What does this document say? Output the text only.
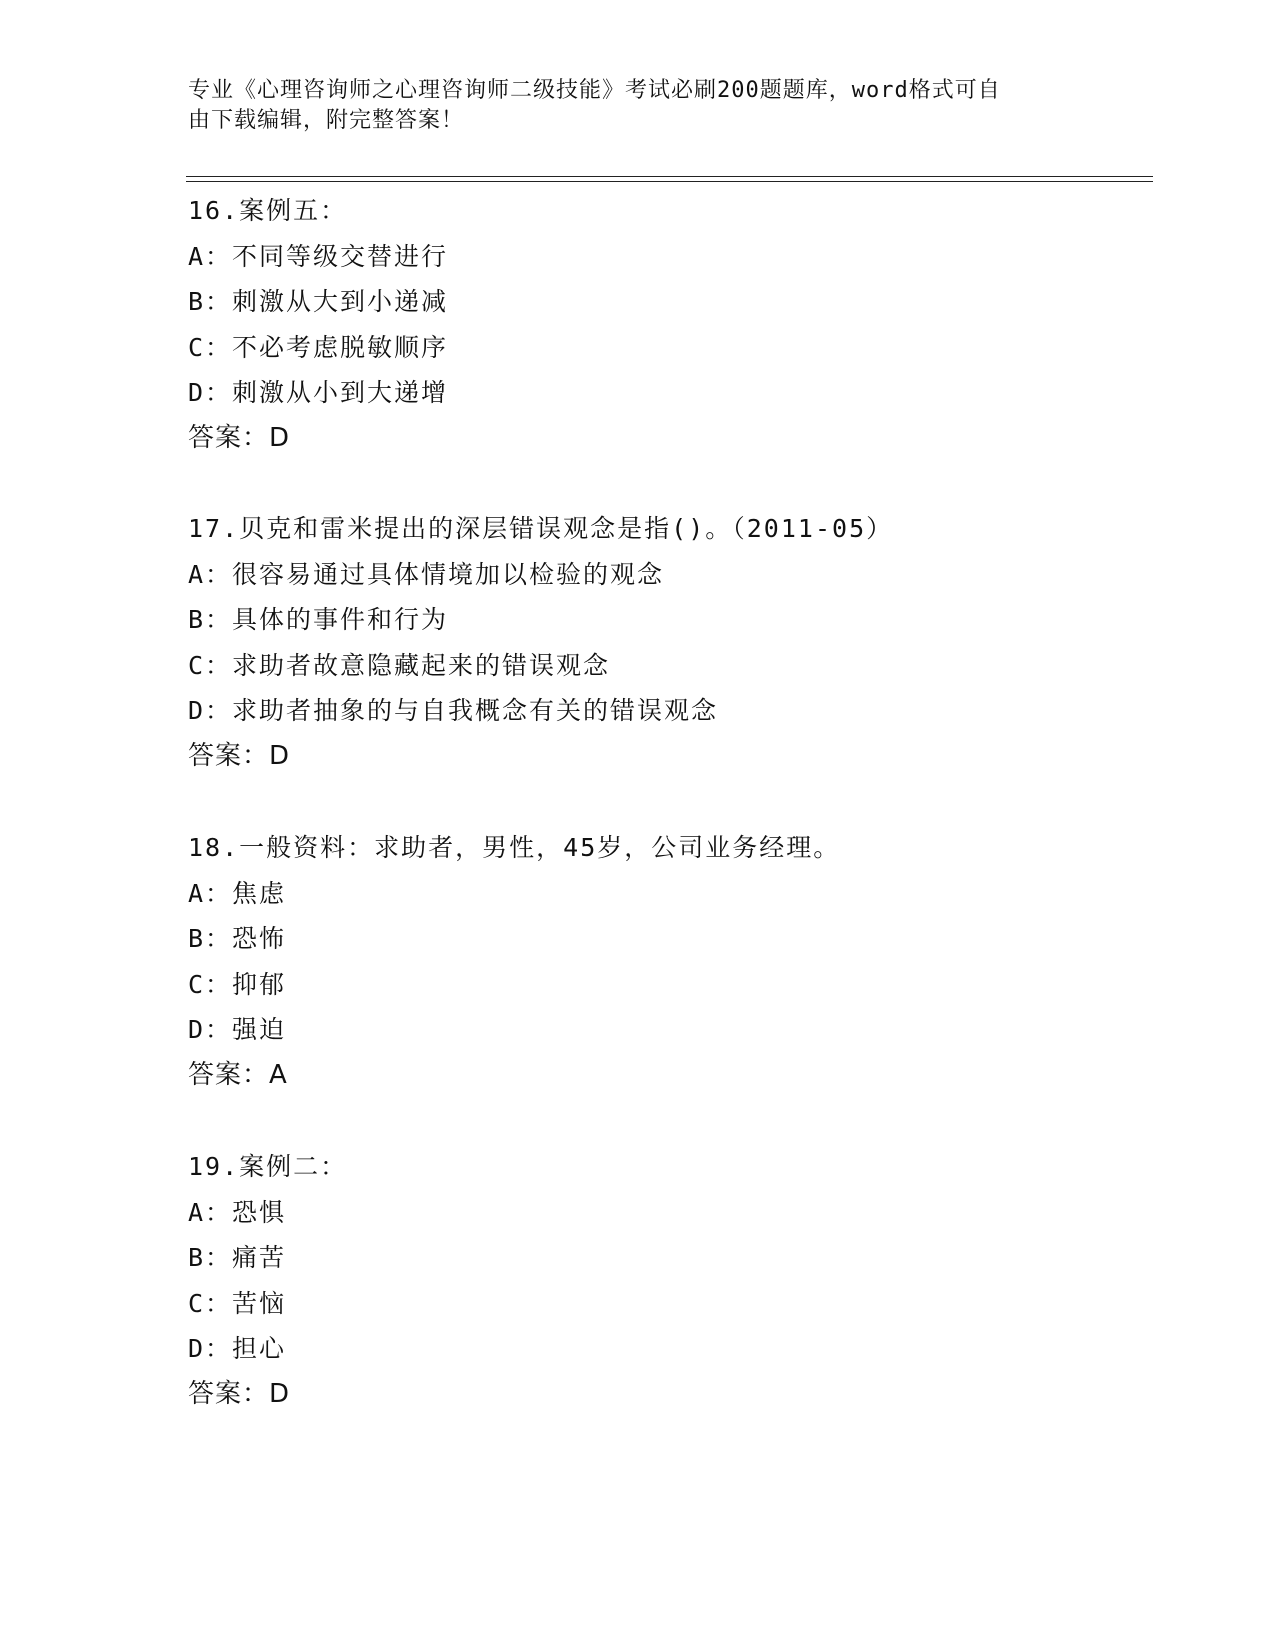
专业《心理咨询师之心理咨询师二级技能》考试必刷200题题库，word格式可自
由下载编辑，附完整答案！
16.案例五：
A：不同等级交替进行
B：刺激从大到小递减
C：不必考虑脱敏顺序
D：刺激从小到大递增
答案：D
17.贝克和雷米提出的深层错误观念是指()。（2011-05）
A：很容易通过具体情境加以检验的观念
B：具体的事件和行为
C：求助者故意隐藏起来的错误观念
D：求助者抽象的与自我概念有关的错误观念
答案：D
18.一般资料：求助者，男性，45岁，公司业务经理。
A：焦虑
B：恐怖
C：抑郁
D：强迫
答案：A
19.案例二：
A：恐惧
B：痛苦
C：苦恼
D：担心
答案：D
